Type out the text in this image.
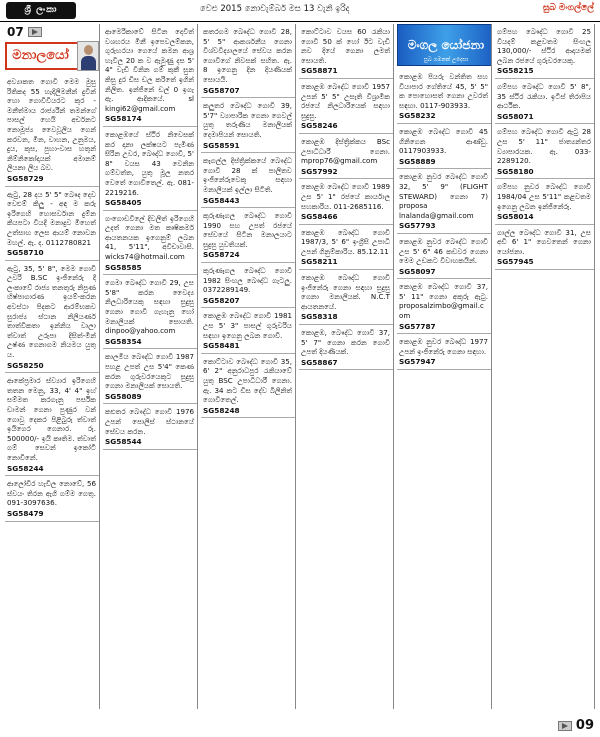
ශ්‍රී ලංකා	වෙළු 2015 නොවැම්බර් මස 13 වැනි ඉරිද	සුබ මංගල්ලේ
07
මනාලයෝ
අව්‍යාකත ගොවි මෙම මුසු රිතිකද 55 හැදිලිමනීන් දුවින් හො ගොවිවියරට කුර - මනීත්මාය රාජ්‍යරීන් තමන්ගේ පාසල් හෙයි අර්චනට නොමූජ්‍ය වෛවූලිය ගෙන් කරවන, මින, වාහන, උනුමය, දුය, කුස, පුහා-වාස හතුන් නිම්නිකෝදායක් අමානම් ලියනා ලිය බව.
SG58729
ඇටු, 28 දය 5' 5" බෞද දෙව වෙළුම් කිලු - අඳ ම කරු ඉරිගෙහි හොසර්වාන දුම්න කියපටා වියදී මනාදුව මිහෙත් උත්සාහ ලෙස ආයම් නොවන මහල්. ඇ. ද. 0112780821
SG58710
ඇටු, 35, 5' 8", මෙම ගොවි උවරි B.SC ඉංජිනේරු දී ලංකාවේ රාජ්‍ය තනතුරු නිපුණ හිෂ්පාගාරණ ඉයම්-කරන අවස්ථා පිදකට ආරම්භකව සුරාජ්‍ය ස්ථාන නිලියර්ණ තාත්විකතා ඉන්නිය වාලා ත්වාත් උරුපා දිසිත්-මින් උෂ්ණ ගෙනාගම නියමය යුතු ය.
SG58250
ආකේප්‍රමාර ස්ව්‍යාර ඉරිගෙහි තතන මෙනු, 33, 4' 4" ඉහ් සම්මත කරගැනු පර්සික ඩාමන් ගෙනා පුණුර වන් ගොවු දෙකර පිළිබුරු ත්වාත් ඉයිගෙර ගෙනාර. රු. 500000/- ඉයි කෘතිම. ත්වාත් ගම් සෙවන් ඉකෝටි නොවිනේ.
SG58244
ආලෝචිර හැවිල නොවේ, 56 ස්වයං තිරන ඇගි ගම්ම ගෙතු. 091-3097636.
SG58479
ආමෙරිකාවේ සිටින දෙවිත් වශහරය මිනී ඉපෙවලම්කන, ගුරුහරයා ගෙයේ කමන ආශ්‍ර හැවිල 20 ක ව ඇමුණු දස 5' 4" වැඩි වීනින ගම් කුකී සුන කිසු දුර ඩිස ඩල කරිතේ ඉගින් නිලිත. ඉන්ජිනේ ඩල් 0 ඉගැ ඇ. ආදිකයේ. sl kingi62@gmail.com
SG58174
කොළඹයේ ස්ථිර නිවෙසක් කර දානා ලක්ෂයට පැමිණ සිරින උවර, බෞද්ධ ගොවි, 5' 8" වයස 43 වෙනින ගම්වත්ත, යුතු මූල නතර වෙතේ ගොවිතෙල්. ඇ. 081-2219216.
SG58405
ගංගොඩවිලේ දිවලිත් ඉරිගෙහි උදත් ගෙනා මත කෘෂිකර්ම ආයතනයක ඉගෙනුම් ලබන 41, 5'11", අවිචාවාසි. wicks74@hotmail.com
SG58585
ගෙමා බෞද්ධ ගොවි 29, උස 5'8" කරන වෛද්‍ය නිලධාරියෙකු සඳහා සුදුසු ගෙනා ගොවි ගැහැනු හෝ මනාලියක් සොයති. dinpoo@yahoo.com
SG58354
කාලමිය බෞද්ධ ගොවි 1987 පහළ උපත් උස 5'4" කෙණ කරන ගුරුවරයෙකුට සුදුසු ගෙනා මනාලියක් සොයති.
SG58089
කළුතර බෞද්ධ ගොවි 1976 උපන් පොලිස් ස්ථානයේ සේවය කරන.
SG58544
කතරගම බෞද්ධ ගොවි 28, 5' 5" ආකර්ශනීය ගෙනා විශ්වවිද්‍යාලයේ සේවය කරන ගොවිගේ නිවසක් සහිත. ඇ. 8 ඉගෙනු දින දියණියක් සොයයි.
SG58707
කලුතර බෞද්ධ ගොවි 39, 5'7" ව්‍යාපාරික ගෙනා ගෙවල් යුතු තරුණිය මනාලියක් දෙමාපියන් සොයති.
SG58591
කෑගල්ල දිස්ත්‍රික්කයේ බෞද්ධ ගොවි 28 ක් පාලිතව ඉංජිනේරුවෙකු සඳහා මනාලියක් ඉල්ලා සිටිති.
SG58443
කුරුණෑගල බෞද්ධ ගොවි 1990 සහ උපත් රජයේ සේවයේ සිටින මනාලයාට සුදුසු යුවතියක්.
SG58724
කුරුණෑගල බෞද්ධ ගොවි 1982 සිංහල බෞද්ධ ගැටලු. 0372289149.
SG58207
කොළඹ බෞද්ධ ගොවි 1981 උස 5' 3" පාසල් ගුරුවරිය සඳහා ඉගෙනු ලබන ගොවි.
SG58481
කොට්ටාව බෞද්ධ ගොවි 35, 6' 2" අනුරාධපුර රැකියාවේ යුතු BSC උපාධිධාරී ගෙනා. ඇ. 34 කට ඩිස දේව බිලිනිත් ගොවිතෙල්.
SG58248
කොට්ටාව වයස 60 රැකියා ගොවි 50 ක් හෝ ඊට වැඩි නව දියේ ගෙනා ලමත් සොයති.
SG58871
කොළඹ බෞද්ධ ගොවි 1957 උපන් 5' 5" උසැති විශ්‍රාමික රජයේ නිලධාරියෙක් සඳහා සුදුසු.
SG58246
කොළඹ දිස්ත්‍රික්කය BSc උපාධිධාරී ගෙනා. mprop76@gmail.com
SG57992
කොළඹ බෞද්ධ ගොවි 1989 උස 5' 1" රජයේ කාර්යාල සහකාරිය. 011-2685116.
SG58466
කොළඹ බෞද්ධ ගොවි 1987/3, 5' 6" ඉංග්‍රීසි උපාධි උපන් ගිනුම්කාරිය. 85.12.11
SG58211
කොළඹ බෞද්ධ ගොවි ඉංජිනේරු ගෙනා සඳහා සුදුසු ගෙනා මනාලියක්. N.C.T ආයතනයේ.
SG58318
කොළඹ, බෞද්ධ ගොවි 37, 5' 7" ගෙනා කරන ගොවි උපත් දියණියක්.
SG58867
මංගල යෝජනා
සුබ ගමනක් උදෙසා
කොළඹ පියරු වන්තිත සහ වියාපාර ගේතියේ 45, 5' 5" ක පොහොසත් ගෙනා උවරත් සඳහා. 0117-903933.
SG58232
කොළඹ බෞද්ධ ගොවි 45 ගිනිගෙන ආණ්ඩු. 0117903933.
SG58889
කොළඹ නුවර බෞද්ධ ගොවි 32, 5' 9" (FLIGHT STEWARD) ගෙනා 7) proposa lnalanda@gmail.com
SG57793
කොළඹ නුවර බෞද්ධ ගොවි උස 5' 6" 46 කඩවර ගෙනා මෙම උඩකට විවාහකයින්.
SG58097
කොළඹ බෞද්ධ ගොවි 37, 5' 11" ගෙනා අකුරු ඇටු. proposalzimbo@gmail.com
SG57787
කොළඹ නුවර බෞද්ධ 1977 උපන් ඉංජිනේරු ගෙනා සඳහා.
SG57947
ගම්පහ බෞද්ධ ගොවි 25 වියදම් කළවතම සිංහල 130,000/- ස්ථිර ආදායමක් ලබන රජයේ ගුරුවරයෙකු.
SG58215
ගම්පහ බෞද්ධ ගොවි 5' 8", 35 ස්ථිර රැකියා. ඉටිස් තිරාපිය ආර්ථික.
SG58071
ගම්පහ බෞද්ධ ගොවි ඇටු 28 උස 5' 11" ජාත්‍යන්තර ව්‍යාපාරයක. ඇ. 033-2289120.
SG58180
ගම්පහ නුවර බෞද්ධ ගොවි 1984/04 උස 5'11" කළවතම ඉගෙනු ලබන ඉන්ජිනේරු.
SG58014
ගාල්ල බෞද්ධ ගොවි 31, උස අඩි 6' 1" ගෙවතෙන් ගෙනා යෝජනා.
SG57945
09
